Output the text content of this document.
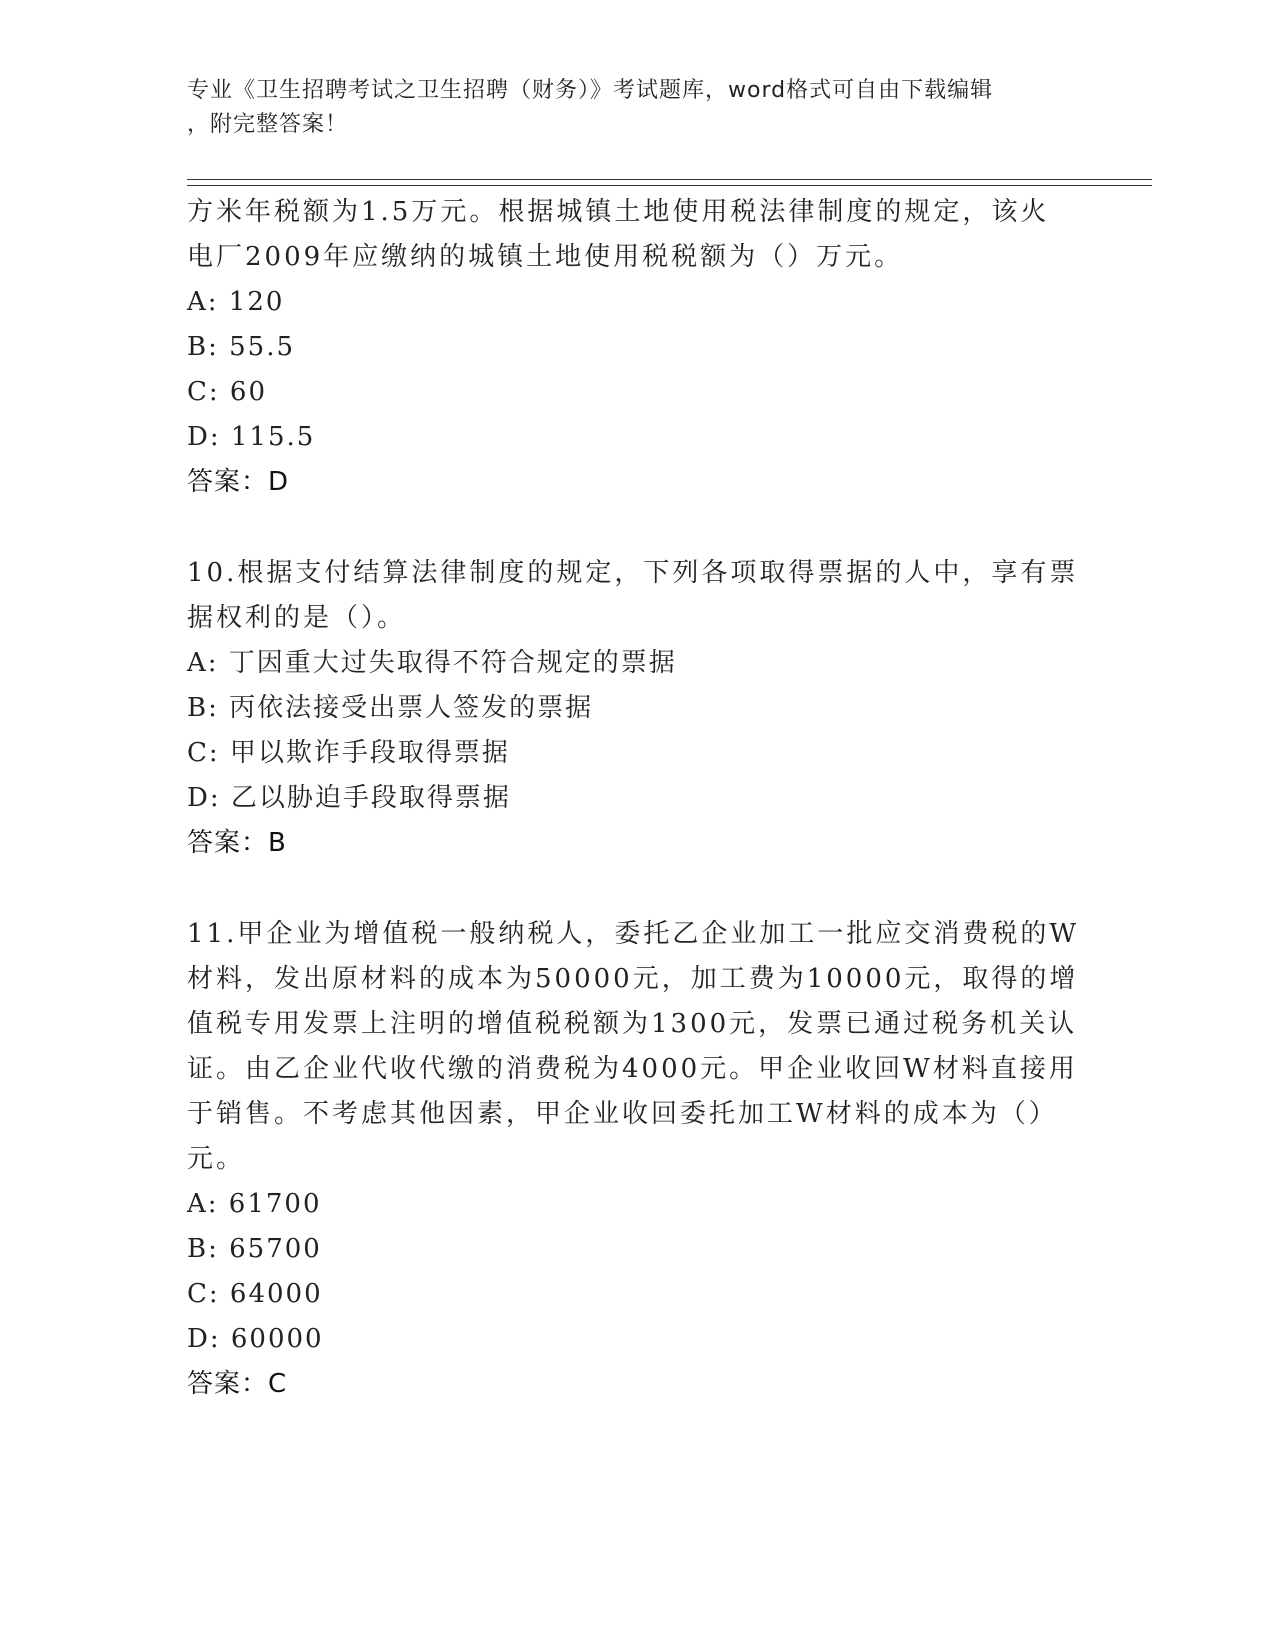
专业《卫生招聘考试之卫生招聘（财务）》考试题库，word格式可自由下载编辑
，附完整答案！
方米年税额为1.5万元。根据城镇土地使用税法律制度的规定，该火
电厂2009年应缴纳的城镇土地使用税税额为（）万元。
A: 120
B: 55.5
C: 60
D: 115.5
答案：D
10.根据支付结算法律制度的规定，下列各项取得票据的人中，享有票
据权利的是（）。
A: 丁因重大过失取得不符合规定的票据
B: 丙依法接受出票人签发的票据
C: 甲以欺诈手段取得票据
D: 乙以胁迫手段取得票据
答案：B
11.甲企业为增值税一般纳税人，委托乙企业加工一批应交消费税的W
材料，发出原材料的成本为50000元，加工费为10000元，取得的增
值税专用发票上注明的增值税税额为1300元，发票已通过税务机关认
证。由乙企业代收代缴的消费税为4000元。甲企业收回W材料直接用
于销售。不考虑其他因素，甲企业收回委托加工W材料的成本为（）
元。
A: 61700
B: 65700
C: 64000
D: 60000
答案：C
